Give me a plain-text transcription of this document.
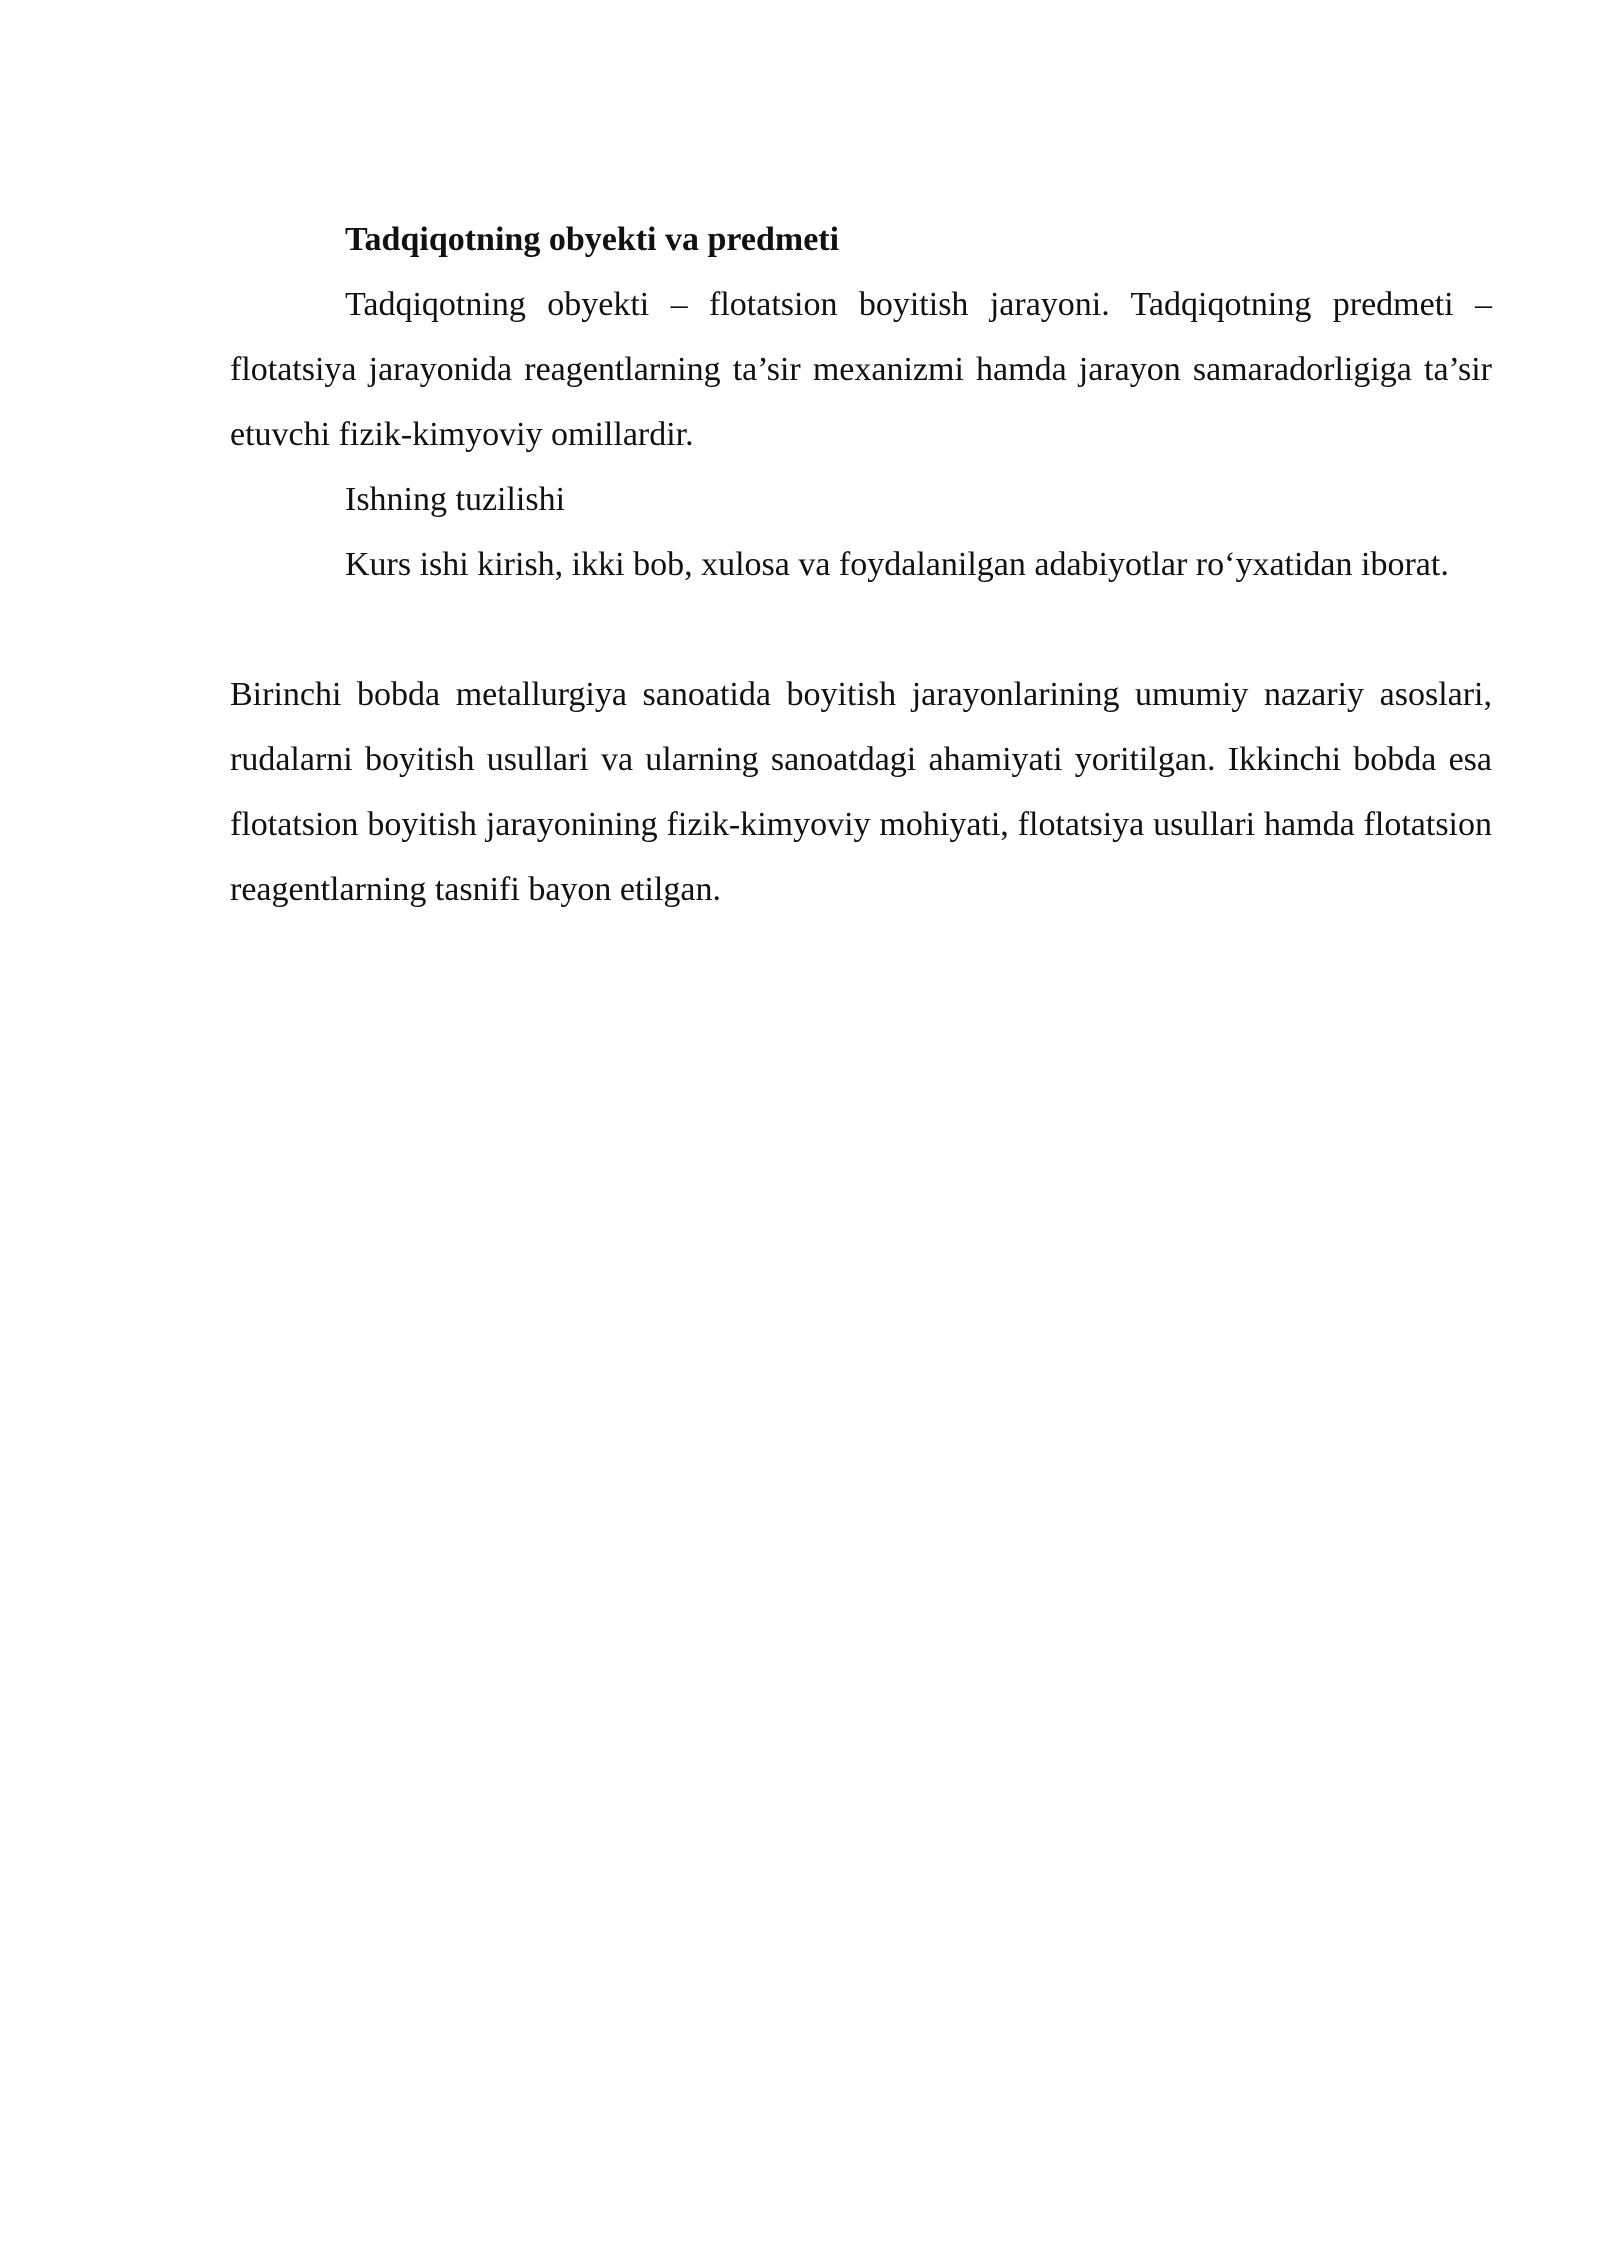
Tadqiqotning obyekti va predmeti

Tadqiqotning obyekti – flotatsion boyitish jarayoni. Tadqiqotning predmeti – flotatsiya jarayonida reagentlarning ta’sir mexanizmi hamda jarayon samaradorligiga ta’sir etuvchi fizik-kimyoviy omillardir.

Ishning tuzilishi

Kurs ishi kirish, ikki bob, xulosa va foydalanilgan adabiyotlar ro‘yxatidan iborat.

Birinchi bobda metallurgiya sanoatida boyitish jarayonlarining umumiy nazariy asoslari, rudalarni boyitish usullari va ularning sanoatdagi ahamiyati yoritilgan. Ikkinchi bobda esa flotatsion boyitish jarayonining fizik-kimyoviy mohiyati, flotatsiya usullari hamda flotatsion reagentlarning tasnifi bayon etilgan.
